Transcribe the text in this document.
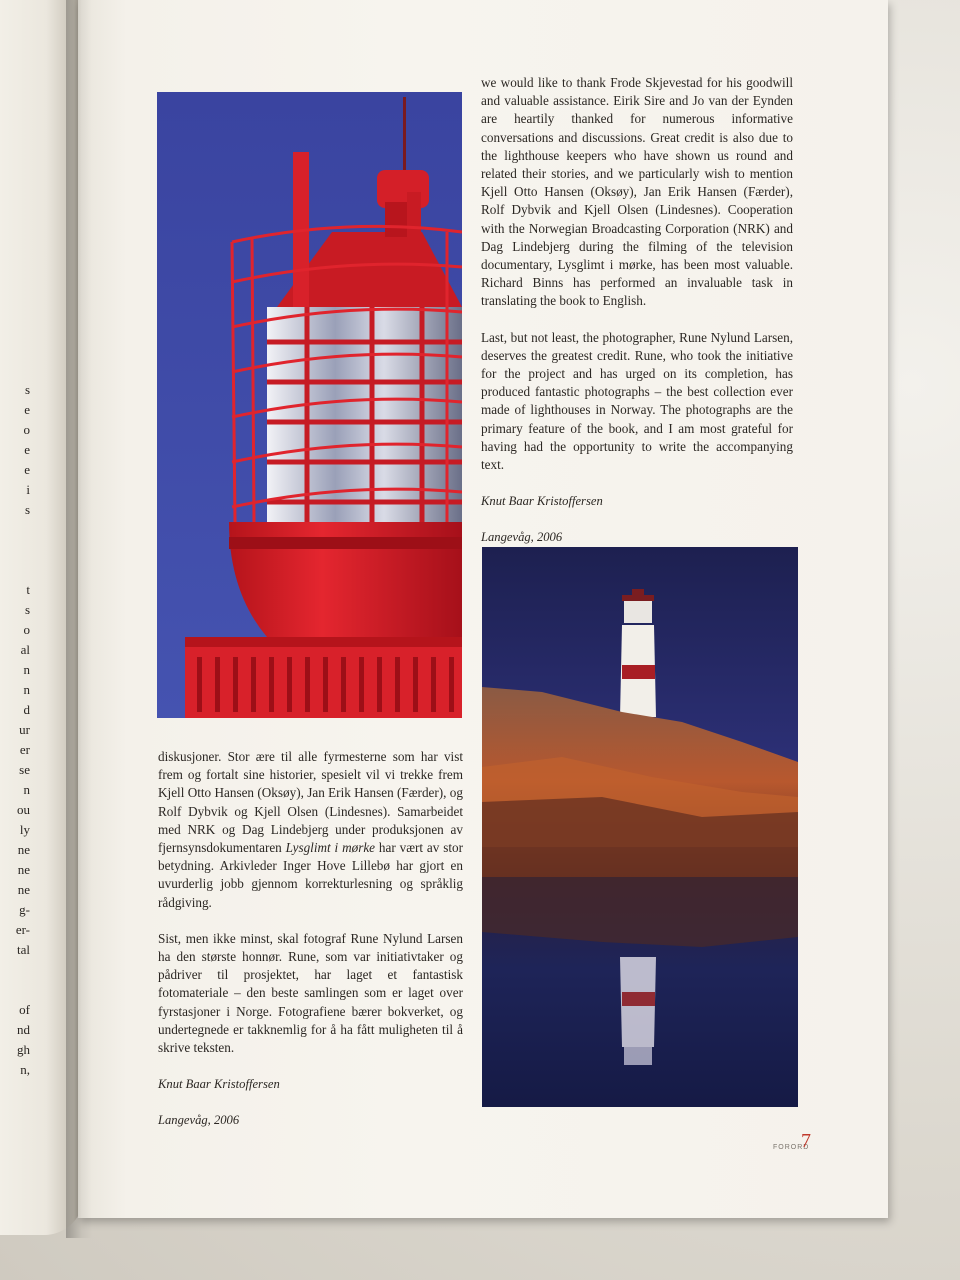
s
e
o
e
e
i
s
t
s
o
al
n
n
d
ur
er
se
n
ou
ly
ne
ne
ne
g-
er-
tal
of
nd
gh
n,

we would like to thank Frode Skjevestad for his goodwill and valuable assistance. Eirik Sire and Jo van der Eynden are heartily thanked for numerous informative conversations and discussions. Great credit is also due to the lighthouse keepers who have shown us round and related their stories, and we particularly wish to mention Kjell Otto Hansen (Oksøy), Jan Erik Hansen (Færder), Rolf Dybvik and Kjell Olsen (Lindesnes). Cooperation with the Norwegian Broadcasting Corporation (NRK) and Dag Lindebjerg during the filming of the television documentary, Lysglimt i mørke, has been most valuable. Richard Binns has performed an invaluable task in translating the book to English.

Last, but not least, the photographer, Rune Nylund Larsen, deserves the greatest credit. Rune, who took the initiative for the project and has urged on its completion, has produced fantastic photographs – the best collection ever made of lighthouses in Norway. The photographs are the primary feature of the book, and I am most grateful for having had the opportunity to write the accompanying text.

Knut Baar Kristoffersen

Langevåg, 2006

diskusjoner. Stor ære til alle fyrmesterne som har vist frem og fortalt sine historier, spesielt vil vi trekke frem Kjell Otto Hansen (Oksøy), Jan Erik Hansen (Færder), og Rolf Dybvik og Kjell Olsen (Lindesnes). Samarbeidet med NRK og Dag Lindebjerg under produksjonen av fjernsynsdokumentaren Lysglimt i mørke har vært av stor betydning. Arkivleder Inger Hove Lillebø har gjort en uvurderlig jobb gjennom korrekturlesning og språklig rådgiving.

Sist, men ikke minst, skal fotograf Rune Nylund Larsen ha den største honnør. Rune, som var initiativtaker og pådriver til prosjektet, har laget et fantastisk fotomateriale – den beste samlingen som er laget over fyrstasjoner i Norge. Fotografiene bærer bokverket, og undertegnede er takknemlig for å ha fått muligheten til å skrive teksten.

Knut Baar Kristoffersen

Langevåg, 2006

FORORD
7
